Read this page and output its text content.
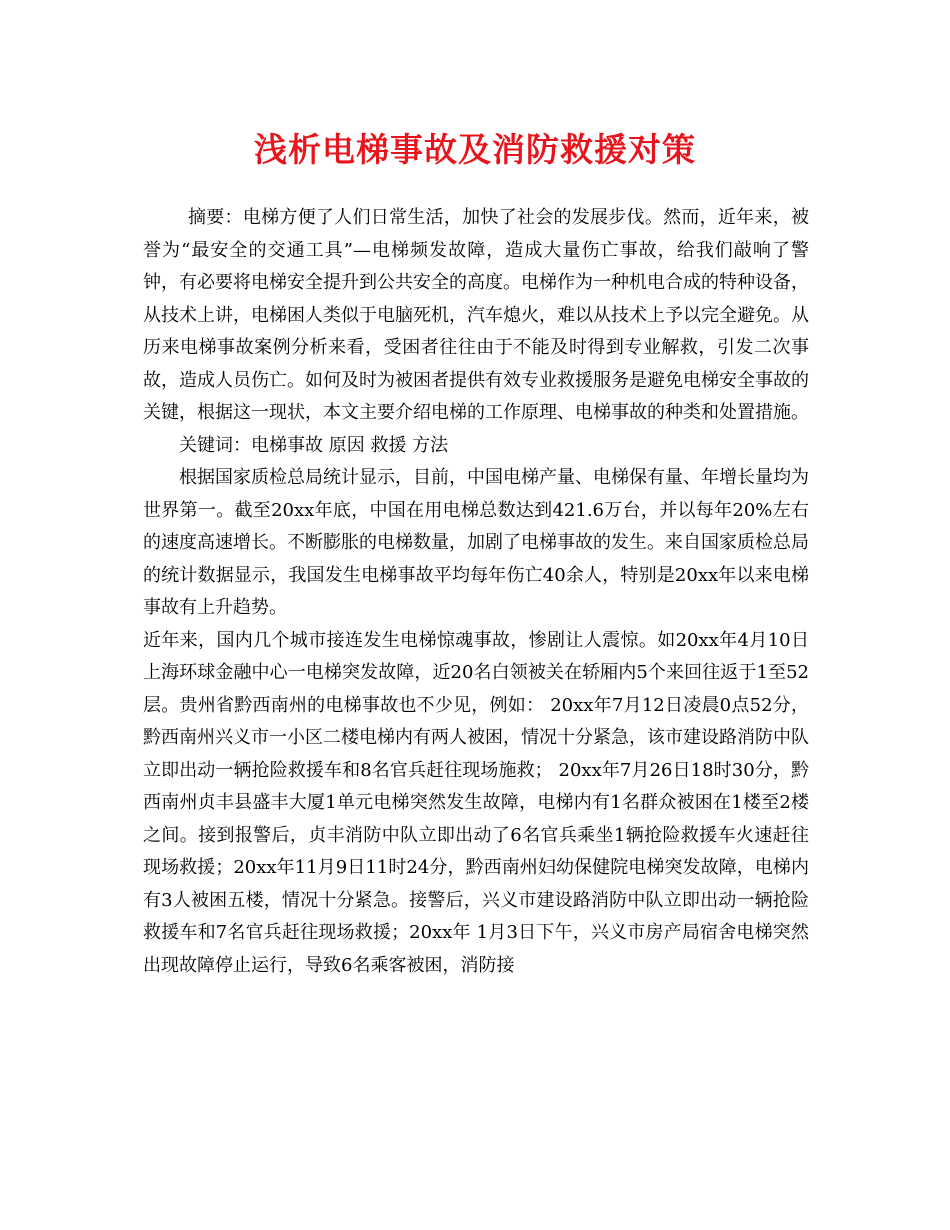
浅析电梯事故及消防救援对策

摘要：电梯方便了人们日常生活，加快了社会的发展步伐。然而，近年来，被誉为“最安全的交通工具”—电梯频发故障，造成大量伤亡事故，给我们敲响了警钟，有必要将电梯安全提升到公共安全的高度。电梯作为一种机电合成的特种设备，从技术上讲，电梯困人类似于电脑死机，汽车熄火，难以从技术上予以完全避免。从历来电梯事故案例分析来看，受困者往往由于不能及时得到专业解救，引发二次事故，造成人员伤亡。如何及时为被困者提供有效专业救援服务是避免电梯安全事故的关键，根据这一现状，本文主要介绍电梯的工作原理、电梯事故的种类和处置措施。

关键词：电梯事故 原因 救援 方法

根据国家质检总局统计显示，目前，中国电梯产量、电梯保有量、年增长量均为世界第一。截至20xx年底，中国在用电梯总数达到421.6万台，并以每年20%左右的速度高速增长。不断膨胀的电梯数量，加剧了电梯事故的发生。来自国家质检总局的统计数据显示，我国发生电梯事故平均每年伤亡40余人，特别是20xx年以来电梯事故有上升趋势。

近年来，国内几个城市接连发生电梯惊魂事故，惨剧让人震惊。如20xx年4月10日上海环球金融中心一电梯突发故障，近20名白领被关在轿厢内5个来回往返于1至52层。贵州省黔西南州的电梯事故也不少见，例如： 20xx年7月12日凌晨0点52分，黔西南州兴义市一小区二楼电梯内有两人被困，情况十分紧急，该市建设路消防中队立即出动一辆抢险救援车和8名官兵赶往现场施救； 20xx年7月26日18时30分，黔西南州贞丰县盛丰大厦1单元电梯突然发生故障，电梯内有1名群众被困在1楼至2楼之间。接到报警后，贞丰消防中队立即出动了6名官兵乘坐1辆抢险救援车火速赶往现场救援；20xx年11月9日11时24分，黔西南州妇幼保健院电梯突发故障，电梯内有3人被困五楼，情况十分紧急。接警后，兴义市建设路消防中队立即出动一辆抢险救援车和7名官兵赶往现场救援；20xx年 1月3日下午，兴义市房产局宿舍电梯突然出现故障停止运行，导致6名乘客被困，消防接
